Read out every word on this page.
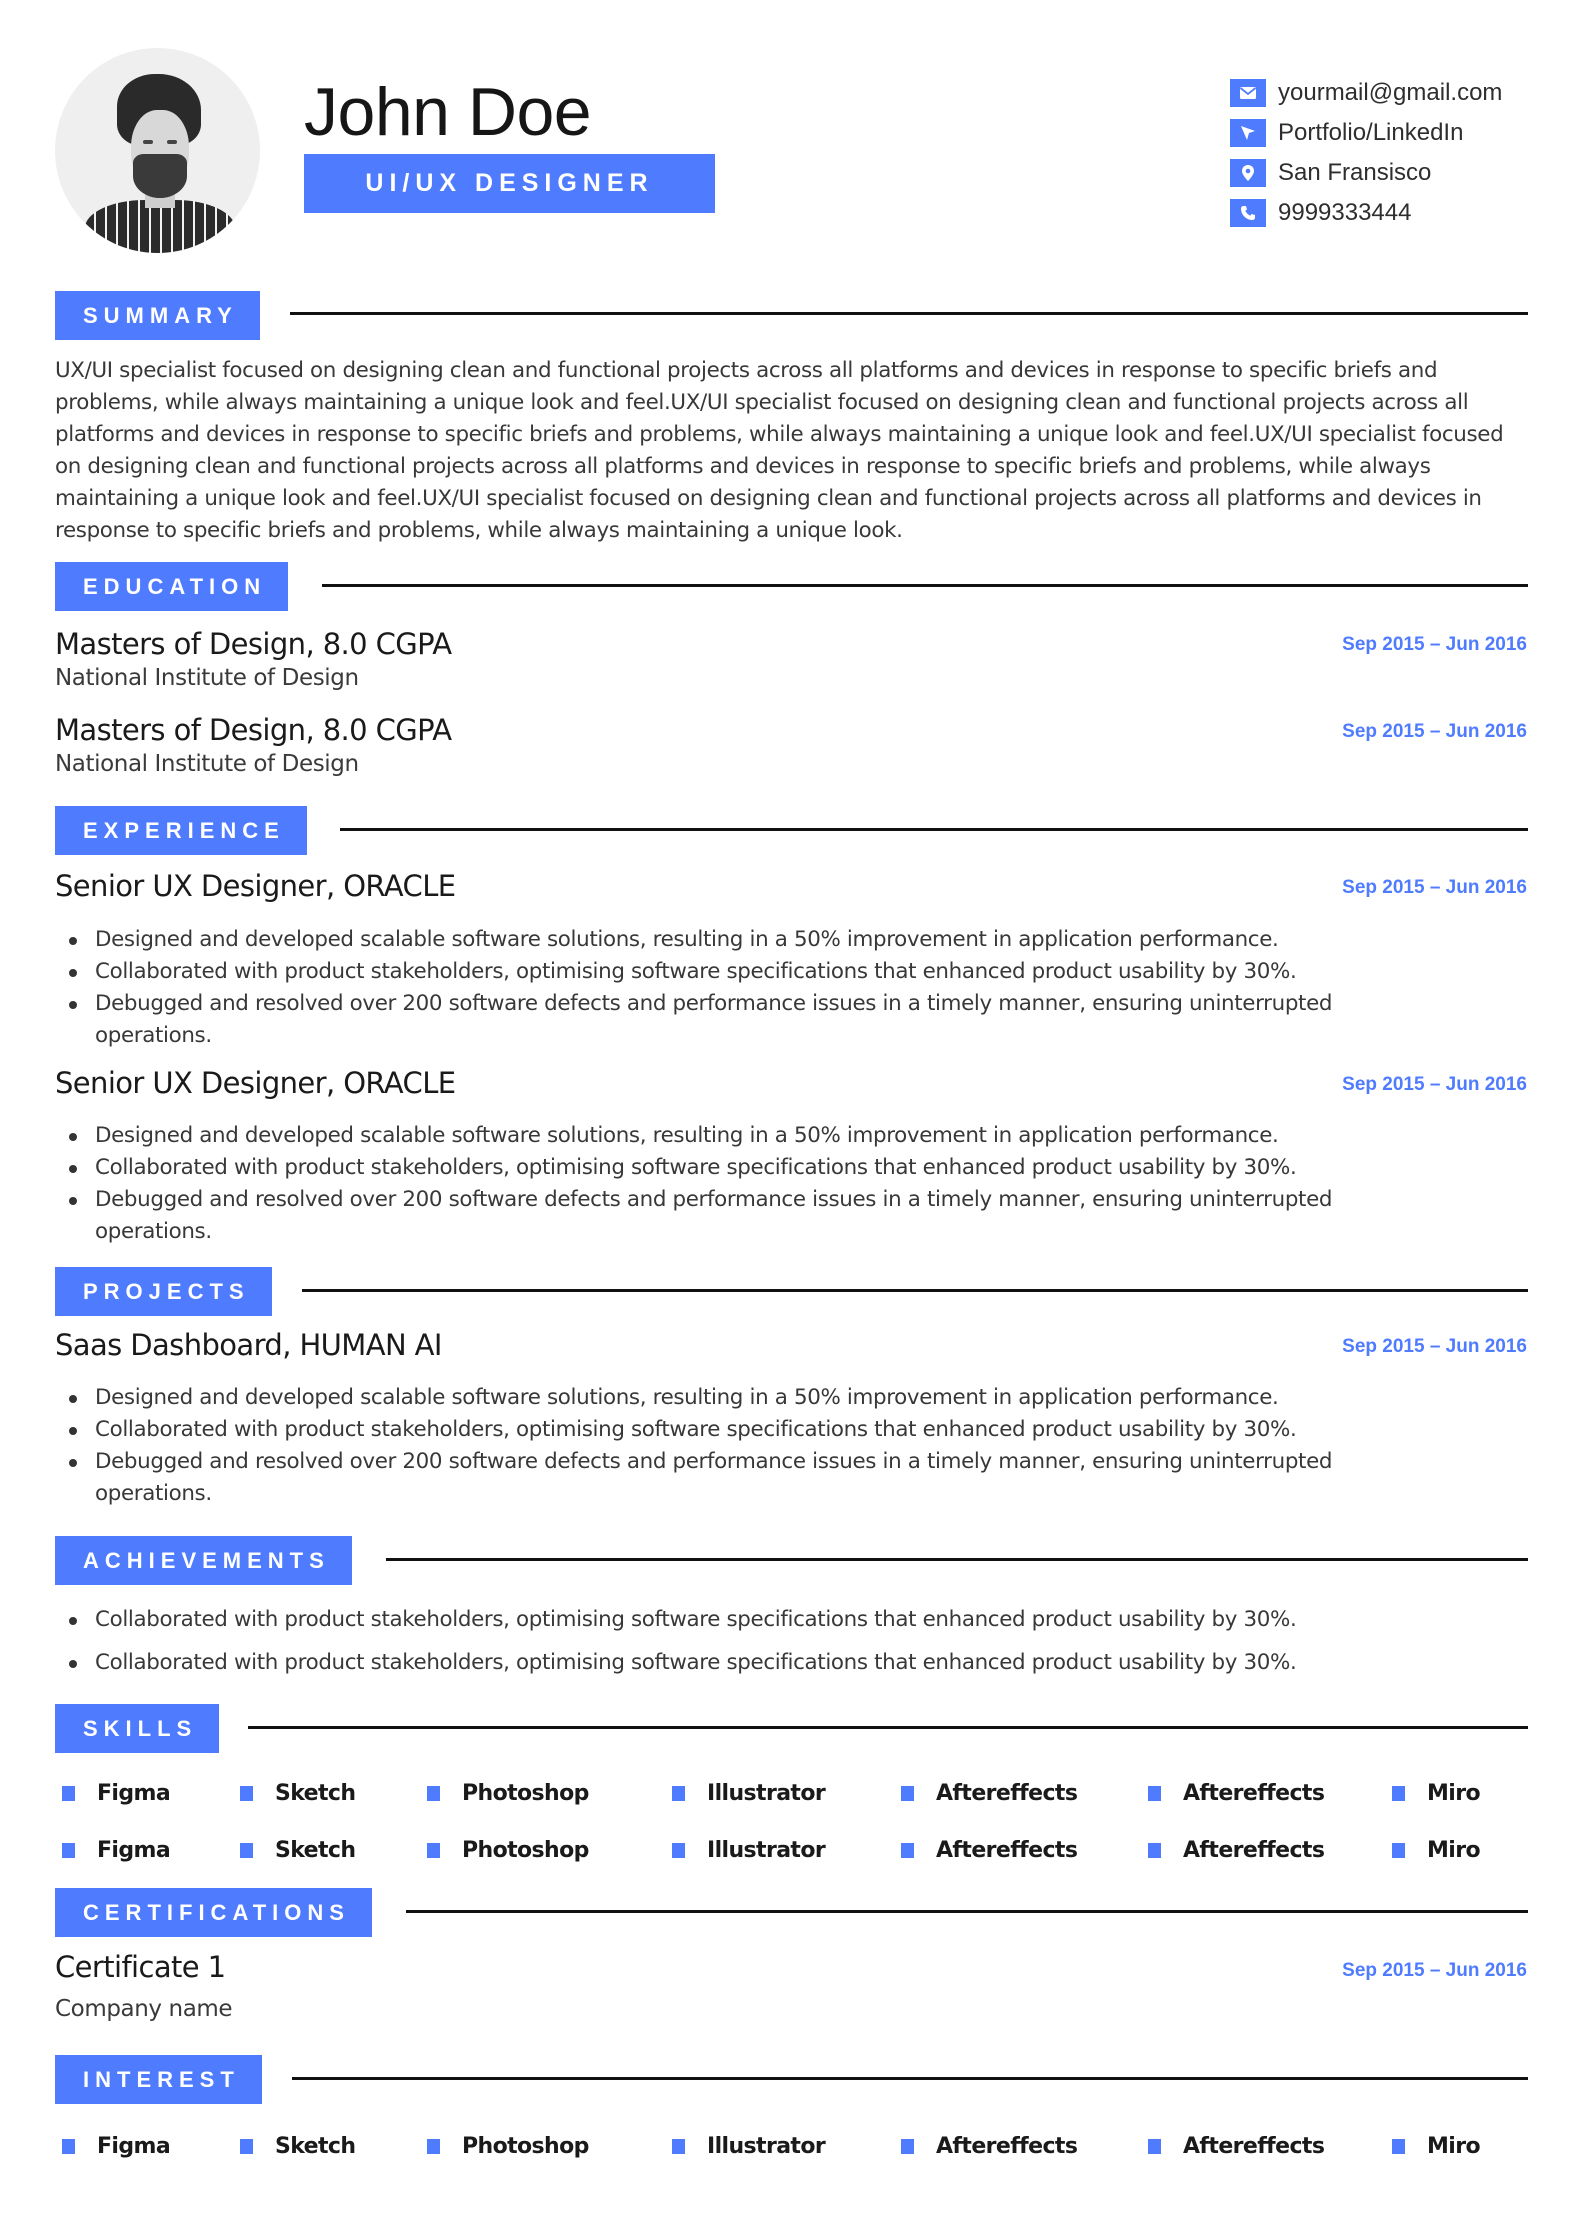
John Doe
UI/UX DESIGNER
yourmail@gmail.com
Portfolio/LinkedIn
San Fransisco
9999333444
SUMMARY

UX/UI specialist focused on designing clean and functional projects across all platforms and devices in response to specific briefs and problems, while always maintaining a unique look and feel.UX/UI specialist focused on designing clean and functional projects across all platforms and devices in response to specific briefs and problems, while always maintaining a unique look and feel.UX/UI specialist focused on designing clean and functional projects across all platforms and devices in response to specific briefs and problems, while always maintaining a unique look and feel.UX/UI specialist focused on designing clean and functional projects across all platforms and devices in response to specific briefs and problems, while always maintaining a unique look.

EDUCATION
Masters of Design, 8.0 CGPA	Sep 2015 – Jun 2016
National Institute of Design
Masters of Design, 8.0 CGPA	Sep 2015 – Jun 2016
National Institute of Design
EXPERIENCE
Senior UX Designer, ORACLE	Sep 2015 – Jun 2016
Designed and developed scalable software solutions, resulting in a 50% improvement in application performance.
Collaborated with product stakeholders, optimising software specifications that enhanced product usability by 30%.
Debugged and resolved over 200 software defects and performance issues in a timely manner, ensuring uninterrupted operations.
Senior UX Designer, ORACLE	Sep 2015 – Jun 2016
Designed and developed scalable software solutions, resulting in a 50% improvement in application performance.
Collaborated with product stakeholders, optimising software specifications that enhanced product usability by 30%.
Debugged and resolved over 200 software defects and performance issues in a timely manner, ensuring uninterrupted operations.
PROJECTS
Saas Dashboard, HUMAN AI	Sep 2015 – Jun 2016
Designed and developed scalable software solutions, resulting in a 50% improvement in application performance.
Collaborated with product stakeholders, optimising software specifications that enhanced product usability by 30%.
Debugged and resolved over 200 software defects and performance issues in a timely manner, ensuring uninterrupted operations.
ACHIEVEMENTS
Collaborated with product stakeholders, optimising software specifications that enhanced product usability by 30%.
Collaborated with product stakeholders, optimising software specifications that enhanced product usability by 30%.
SKILLS
Figma	Sketch	Photoshop	Illustrator	Aftereffects	Aftereffects	Miro
Figma	Sketch	Photoshop	Illustrator	Aftereffects	Aftereffects	Miro
CERTIFICATIONS
Certificate 1	Sep 2015 – Jun 2016
Company name
INTEREST
Figma	Sketch	Photoshop	Illustrator	Aftereffects	Aftereffects	Miro
